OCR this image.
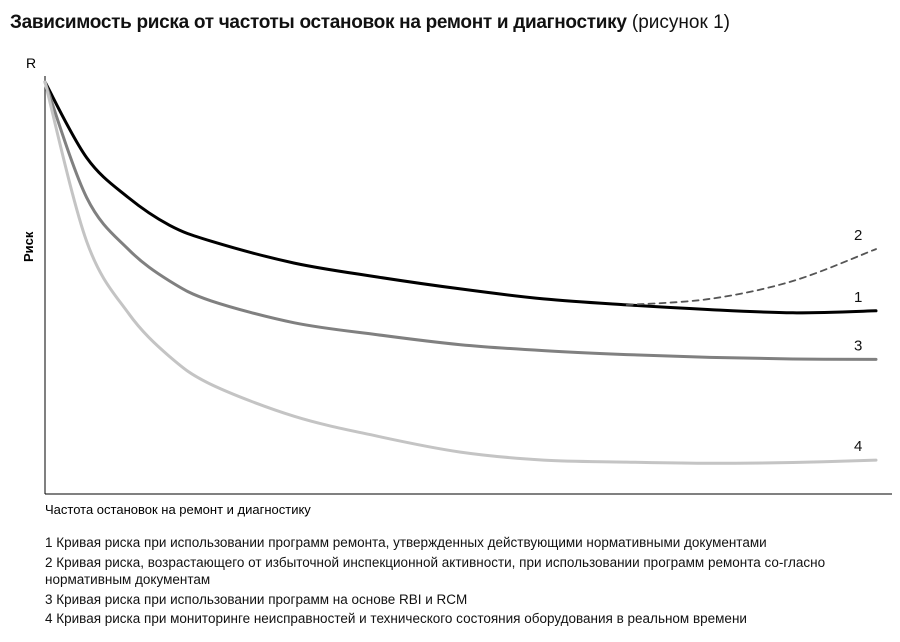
Зависимость риска от частоты остановок на ремонт и диагностику (рисунок 1)
R
Риск
Частота остановок на ремонт и диагностику
1
2
3
4
1 Кривая риска при использовании программ ремонта, утвержденных действующими нормативными документами
2 Кривая риска, возрастающего от избыточной инспекционной активности, при использовании программ ремонта со-гласно нормативным документам
3 Кривая риска при использовании программ на основе RBI и RCM
4 Кривая риска при мониторинге неисправностей и технического состояния оборудования в реальном времени
